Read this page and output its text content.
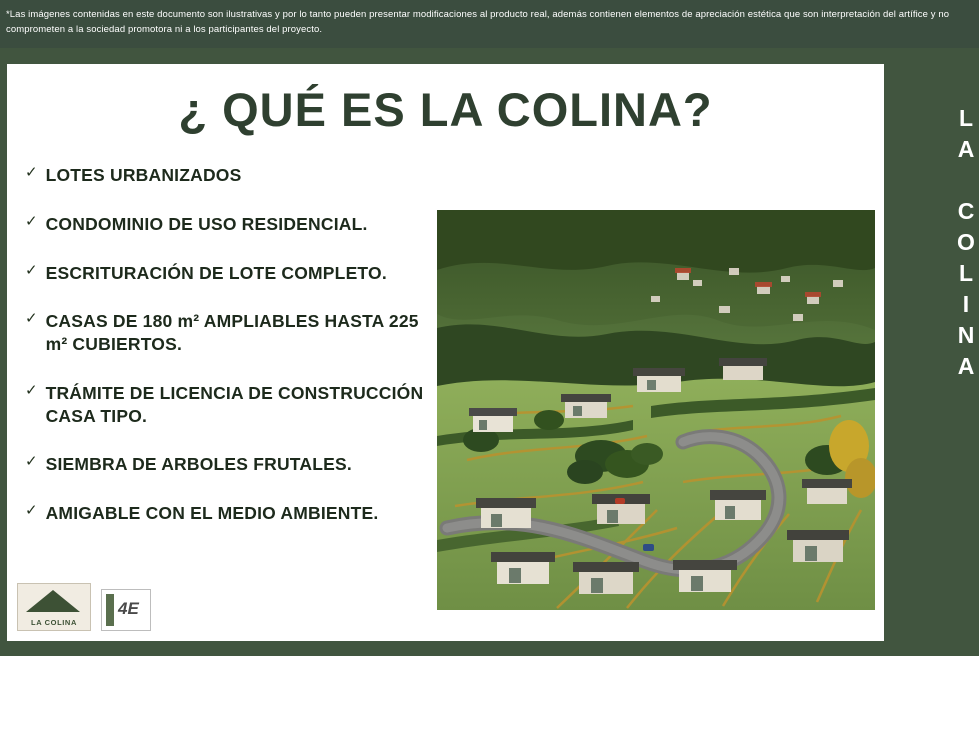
*Las imágenes contenidas en este documento son ilustrativas y por lo tanto pueden presentar modificaciones al producto real, además contienen elementos de apreciación estética que son interpretación del artífice y no comprometen a la sociedad promotora ni a los participantes del proyecto.
LA COLINA
¿ QUÉ ES LA COLINA?
✓ LOTES URBANIZADOS
✓ CONDOMINIO DE USO RESIDENCIAL.
✓ ESCRITURACIÓN DE LOTE COMPLETO.
✓ CASAS DE 180 m² AMPLIABLES HASTA 225 m² CUBIERTOS.
✓ TRÁMITE DE LICENCIA DE CONSTRUCCIÓN CASA TIPO.
✓ SIEMBRA DE ARBOLES FRUTALES.
✓ AMIGABLE CON EL MEDIO AMBIENTE.
LA COLINA
4E
